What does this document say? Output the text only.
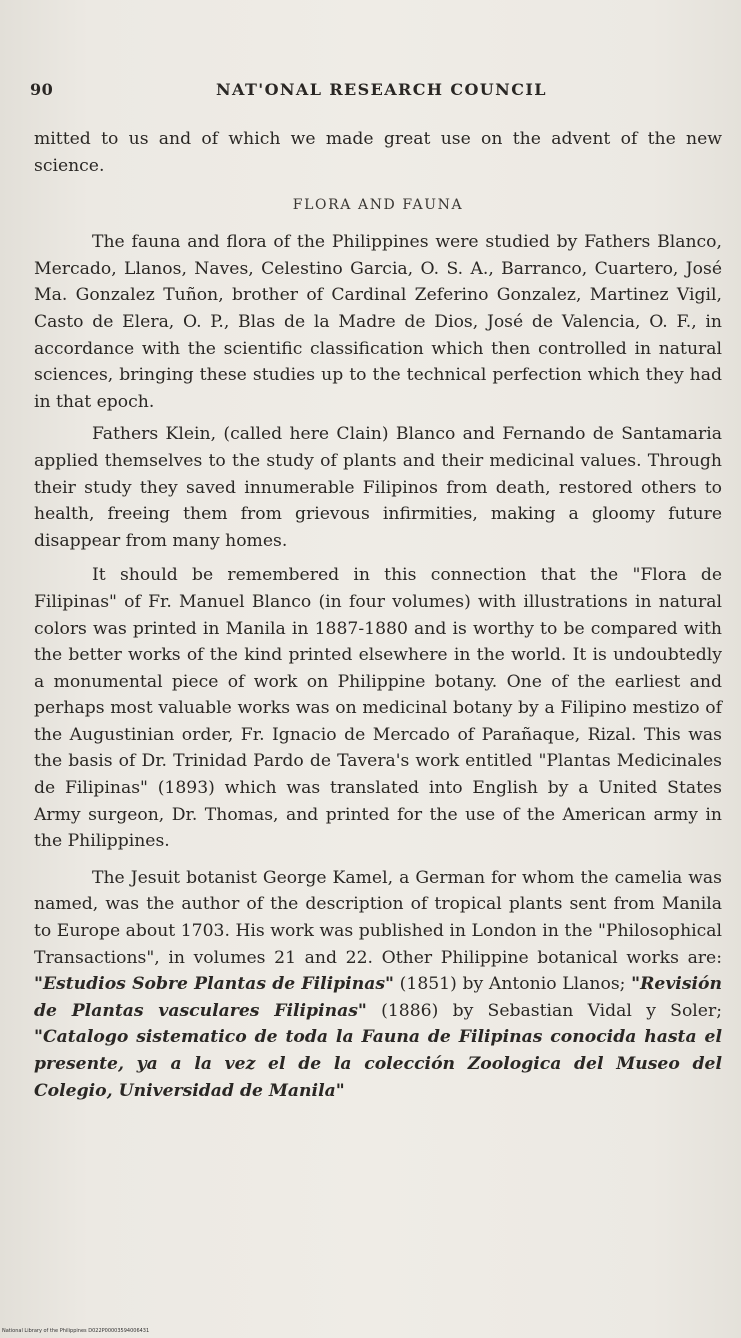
90	NAT'ONAL RESEARCH COUNCIL

mitted to us and of which we made great use on the advent of the new science.

FLORA AND FAUNA

The fauna and flora of the Philippines were studied by Fathers Blanco, Mercado, Llanos, Naves, Celestino Garcia, O. S. A., Barranco, Cuartero, José Ma. Gonzalez Tuñon, brother of Cardinal Zeferino Gonzalez, Martinez Vigil, Casto de Elera, O. P., Blas de la Madre de Dios, José de Valencia, O. F., in accordance with the scientific classification which then controlled in natural sciences, bringing these studies up to the technical perfection which they had in that epoch.

Fathers Klein, (called here Clain) Blanco and Fernando de Santamaria applied themselves to the study of plants and their medicinal values. Through their study they saved innumerable Filipinos from death, restored others to health, freeing them from grievous infirmities, making a gloomy future disappear from many homes.

It should be remembered in this connection that the "Flora de Filipinas" of Fr. Manuel Blanco (in four volumes) with illustrations in natural colors was printed in Manila in 1887-1880 and is worthy to be compared with the better works of the kind printed elsewhere in the world. It is undoubtedly a monumental piece of work on Philippine botany. One of the earliest and perhaps most valuable works was on medicinal botany by a Filipino mestizo of the Augustinian order, Fr. Ignacio de Mercado of Parañaque, Rizal. This was the basis of Dr. Trinidad Pardo de Tavera's work entitled "Plantas Medicinales de Filipinas" (1893) which was translated into English by a United States Army surgeon, Dr. Thomas, and printed for the use of the American army in the Philippines.

The Jesuit botanist George Kamel, a German for whom the camelia was named, was the author of the description of tropical plants sent from Manila to Europe about 1703. His work was published in London in the "Philosophical Transactions", in volumes 21 and 22. Other Philippine botanical works are: "Estudios Sobre Plantas de Filipinas" (1851) by Antonio Llanos; "Revisión de Plantas vasculares Filipinas" (1886) by Sebastian Vidal y Soler; "Catalogo sistematico de toda la Fauna de Filipinas conocida hasta el presente, ya a la vez el de la colección Zoologica del Museo del Colegio, Universidad de Manila"

National Library of the Philippines D022P00003594006431
